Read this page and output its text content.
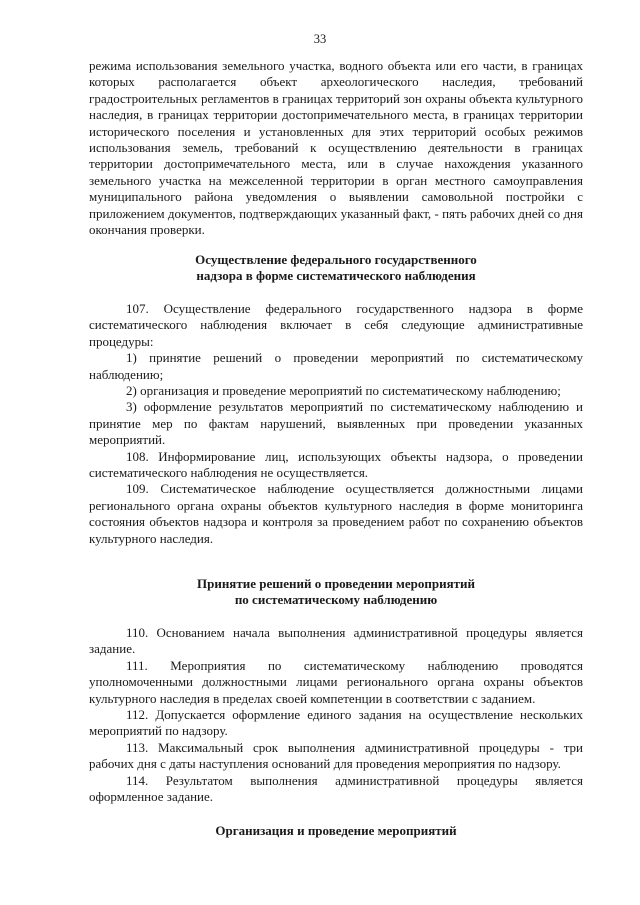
33

режима использования земельного участка, водного объекта или его части, в границах которых располагается объект археологического наследия, требований градостроительных регламентов в границах территорий зон охраны объекта культурного наследия, в границах территории достопримечательного места, в границах территории исторического поселения и установленных для этих территорий особых режимов использования земель, требований к осуществлению деятельности в границах территории достопримечательного места, или в случае нахождения указанного земельного участка на межселенной территории в орган местного самоуправления муниципального района уведомления о выявлении самовольной постройки с приложением документов, подтверждающих указанный факт, - пять рабочих дней со дня окончания проверки.

Осуществление федерального государственного
надзора в форме систематического наблюдения

107. Осуществление федерального государственного надзора в форме систематического наблюдения включает в себя следующие административные процедуры:

1) принятие решений о проведении мероприятий по систематическому наблюдению;

2) организация и проведение мероприятий по систематическому наблюдению;

3) оформление результатов мероприятий по систематическому наблюдению и принятие мер по фактам нарушений, выявленных при проведении указанных мероприятий.

108. Информирование лиц, использующих объекты надзора, о проведении систематического наблюдения не осуществляется.

109. Систематическое наблюдение осуществляется должностными лицами регионального органа охраны объектов культурного наследия в форме мониторинга состояния объектов надзора и контроля за проведением работ по сохранению объектов культурного наследия.

Принятие решений о проведении мероприятий
по систематическому наблюдению

110. Основанием начала выполнения административной процедуры является задание.

111. Мероприятия по систематическому наблюдению проводятся уполномоченными должностными лицами регионального органа охраны объектов культурного наследия в пределах своей компетенции в соответствии с заданием.

112. Допускается оформление единого задания на осуществление нескольких мероприятий по надзору.

113. Максимальный срок выполнения административной процедуры - три рабочих дня с даты наступления оснований для проведения мероприятия по надзору.

114. Результатом выполнения административной процедуры является оформленное задание.

Организация и проведение мероприятий
